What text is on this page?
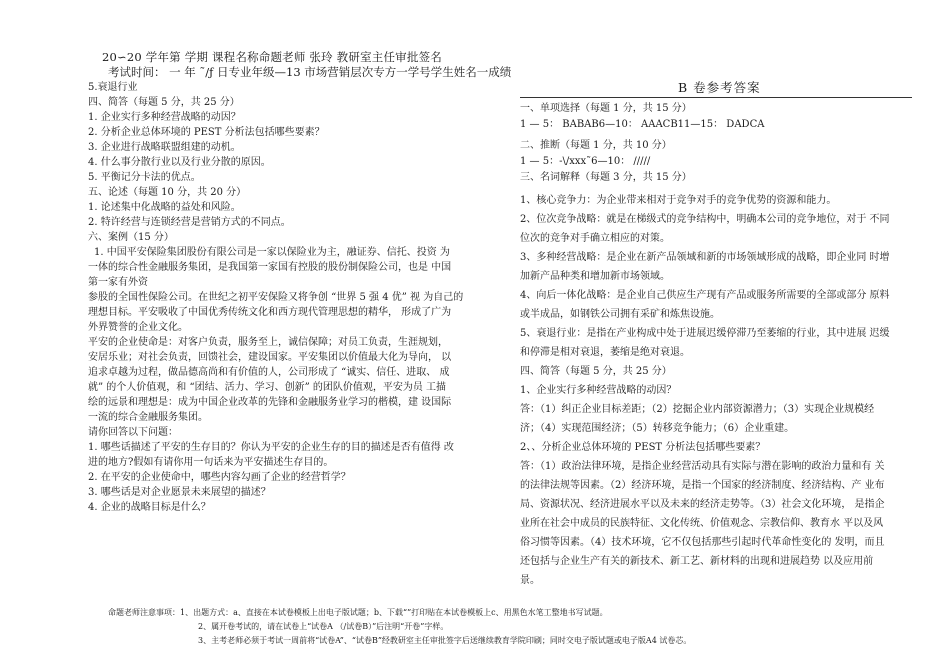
20∽20 学年第 学期 课程名称命题老师 张玲 教研室主任审批签名
考试时间： 一 年 ˜/ƒ 日专业年级—13 市场营销层次专方一学号学生姓名一成绩
5.衰退行业
四、简答（每题 5 分，共 25 分）
1. 企业实行多种经营战略的动因？
2. 分析企业总体环境的 PEST 分析法包括哪些要素？
3. 企业进行战略联盟组建的动机。
4. 什么事分散行业以及行业分散的原因。
5. 平衡记分卡法的优点。
五、论述（每题 10 分，共 20 分）
1. 论述集中化战略的益处和风险。
2. 特许经营与连锁经营是营销方式的不同点。
六、案例（15 分）
1. 中国平安保险集团股份有限公司是一家以保险业为主，融证券、信托、投资 为
一体的综合性金融服务集团，是我国第一家国有控股的股份制保险公司，也是 中国
第一家有外资
参股的全国性保险公司。在世纪之初平安保险又将争创 “世界 5 强 4 优” 视 为自己的
理想目标。平安吸收了中国优秀传统文化和西方现代管理思想的精华， 形成了广为
外界赞誉的企业文化。
平安的企业使命是：对客户负责，服务至上，诚信保障；对员工负责，生涯规划，
安居乐业；对社会负责，回馈社会，建设国家。平安集团以价值最大化为导向， 以
追求卓越为过程，做品德高尚和有价值的人，公司形成了 “诚实、信任、进取、 成
就” 的个人价值观，和 “团结、活力、学习、创新” 的团队价值观，平安为员 工描
绘的远景和理想是：成为中国企业改革的先锋和金融服务业学习的楷模，建 设国际
一流的综合金融服务集团。
请你回答以下问题：
1. 哪些话描述了平安的生存目的？你认为平安的企业生存的目的描述是否有值得 改
进的地方?假如有请你用一句话来为平安描述生存目的。
2. 在平安的企业使命中，哪些内容勾画了企业的经营哲学？
3. 哪些话是对企业愿景未来展望的描述？
4. 企业的战略目标是什么？
B 卷参考答案
一、单项选择（每题 1 分，共 15 分）
1 — 5： BABAB6—10： AAACB11—15： DADCA
二、推断（每题 1 分，共 10 分）
1 — 5：-\/xxx˜6—10： /////
三、名词解释（每题 3 分，共 15 分）
1、核心竞争力：为企业带来相对于竞争对手的竞争优势的资源和能力。
2、位次竞争战略：就是在梯级式的竞争结构中，明确本公司的竞争地位，对于 不同
位次的竞争对手确立相应的对策。
3、多种经营战略：是企业在新产品领域和新的市场领域形成的战略，即企业同 时增
加新产品种类和增加新市场领域。
4、向后一体化战略：是企业自己供应生产现有产品或服务所需要的全部或部分 原料
或半成品，如钢铁公司拥有采矿和炼焦设施。
5、衰退行业：是指在产业构成中处于进展迟缓停滞乃至萎缩的行业，其中进展 迟缓
和停滞是相对衰退，萎缩是绝对衰退。
四、简答（每题 5 分，共 25 分）
1、企业实行多种经营战略的动因？
答：（1）纠正企业目标差距；（2）挖掘企业内部资源潜力；（3）实现企业规模经
济；（4）实现范围经济；（5）转移竞争能力；（6）企业重建。
2、、分析企业总体环境的 PEST 分析法包括哪些要素？
答：（1）政治法律环境，是指企业经营活动具有实际与潜在影响的政治力量和有 关
的法律法规等因素。（2）经济环境，是指一个国家的经济制度、经济结构、产 业布
局、资源状况、经济进展水平以及未来的经济走势等。（3）社会文化环境， 是指企
业所在社会中成员的民族特征、文化传统、价值观念、宗教信仰、教育水 平以及风
俗习惯等因素。（4）技术环境，它不仅包括那些引起时代革命性变化的 发明，而且
还包括与企业生产有关的新技术、新工艺、新材料的出现和进展趋势 以及应用前
景。
命题老师注意事项：1、出题方式：a、直接在本试卷模板上出电子版试题；b、下载“”打印贴在本试卷模板上c、用黑色水笔工整地书写试题。
2、属开卷考试的，请在试卷上“试卷A （/试卷B）”后注明“开卷”字样。
3、主考老师必须于考试一周前将“试卷A”、“试卷B”经教研室主任审批签字后送继续教育学院印刷；同时交电子版试题或电子版A4 试卷芯。
